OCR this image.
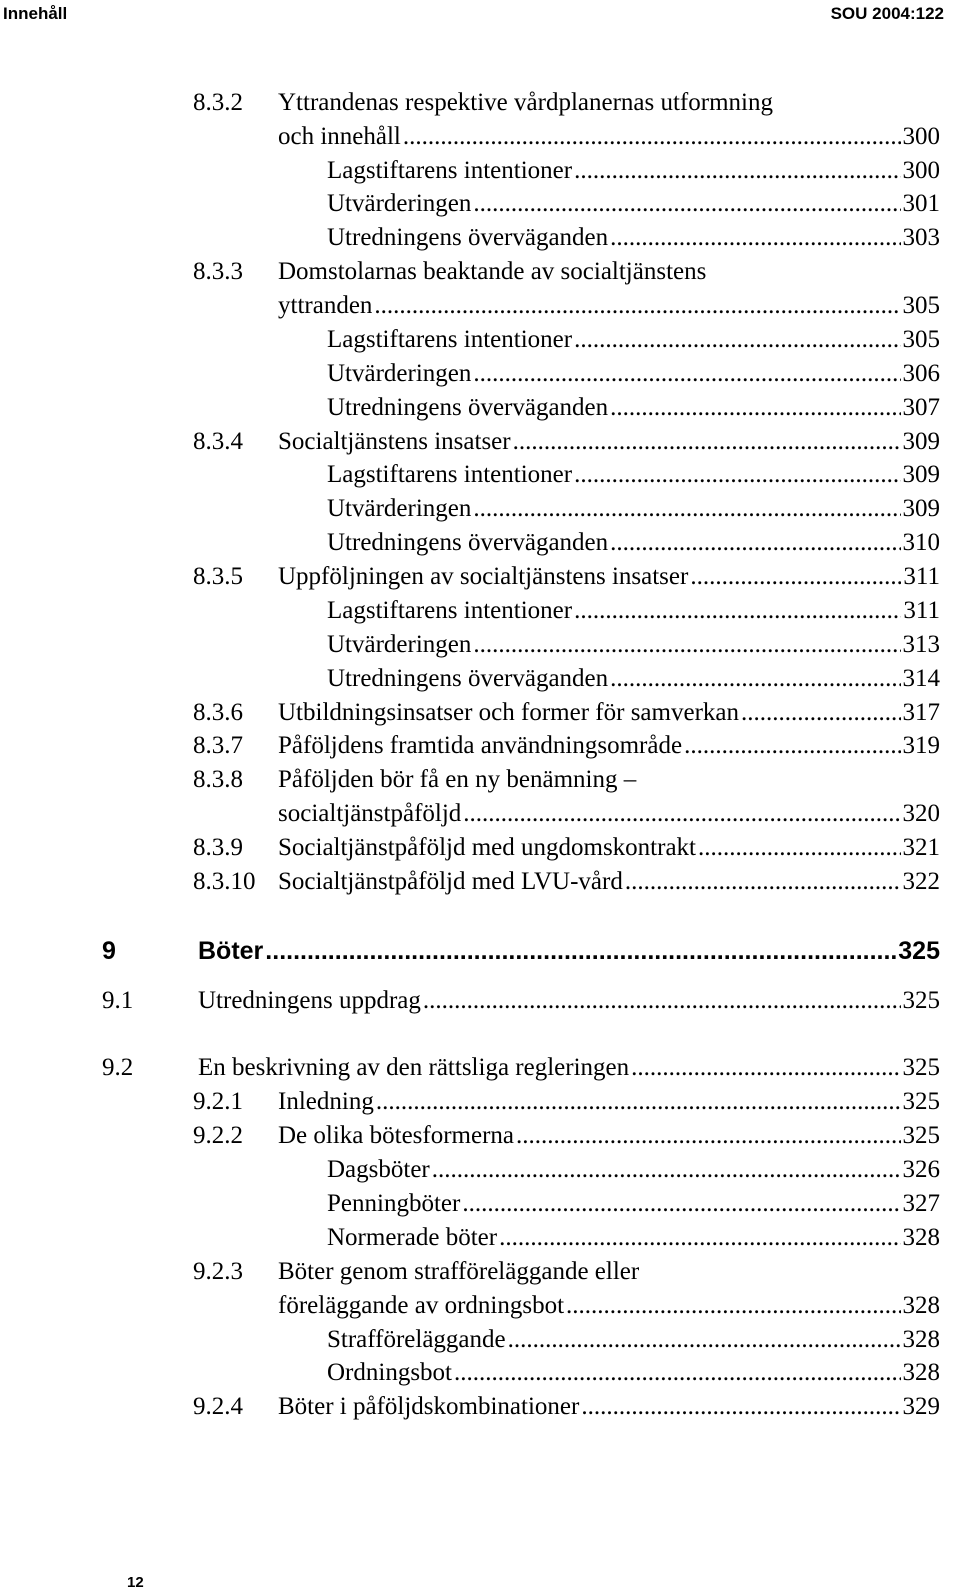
Innehåll	SOU 2004:122
8.3.2 Yttrandenas respektive vårdplanernas utformning
och innehåll .....	300
Lagstiftarens intentioner .....	300
Utvärderingen .....	301
Utredningens överväganden .....	303
8.3.3 Domstolarnas beaktande av socialtjänstens
yttranden .....	305
Lagstiftarens intentioner .....	305
Utvärderingen .....	306
Utredningens överväganden .....	307
8.3.4 Socialtjänstens insatser .....	309
Lagstiftarens intentioner .....	309
Utvärderingen .....	309
Utredningens överväganden .....	310
8.3.5 Uppföljningen av socialtjänstens insatser .....	311
Lagstiftarens intentioner .....	311
Utvärderingen .....	313
Utredningens överväganden .....	314
8.3.6 Utbildningsinsatser och former för samverkan .....	317
8.3.7 Påföljdens framtida användningsområde .....	319
8.3.8 Påföljden bör få en ny benämning –
socialtjänstpåföljd .....	320
8.3.9 Socialtjänstpåföljd med ungdomskontrakt .....	321
8.3.10 Socialtjänstpåföljd med LVU-vård .....	322
9	Böter .....	325
9.1	Utredningens uppdrag .....	325
9.2	En beskrivning av den rättsliga regleringen .....	325
9.2.1 Inledning .....	325
9.2.2 De olika bötesformerna .....	325
Dagsböter .....	326
Penningböter .....	327
Normerade böter .....	328
9.2.3 Böter genom strafföreläggande eller
föreläggande av ordningsbot .....	328
Strafföreläggande .....	328
Ordningsbot .....	328
9.2.4 Böter i påföljdskombinationer .....	329
12
